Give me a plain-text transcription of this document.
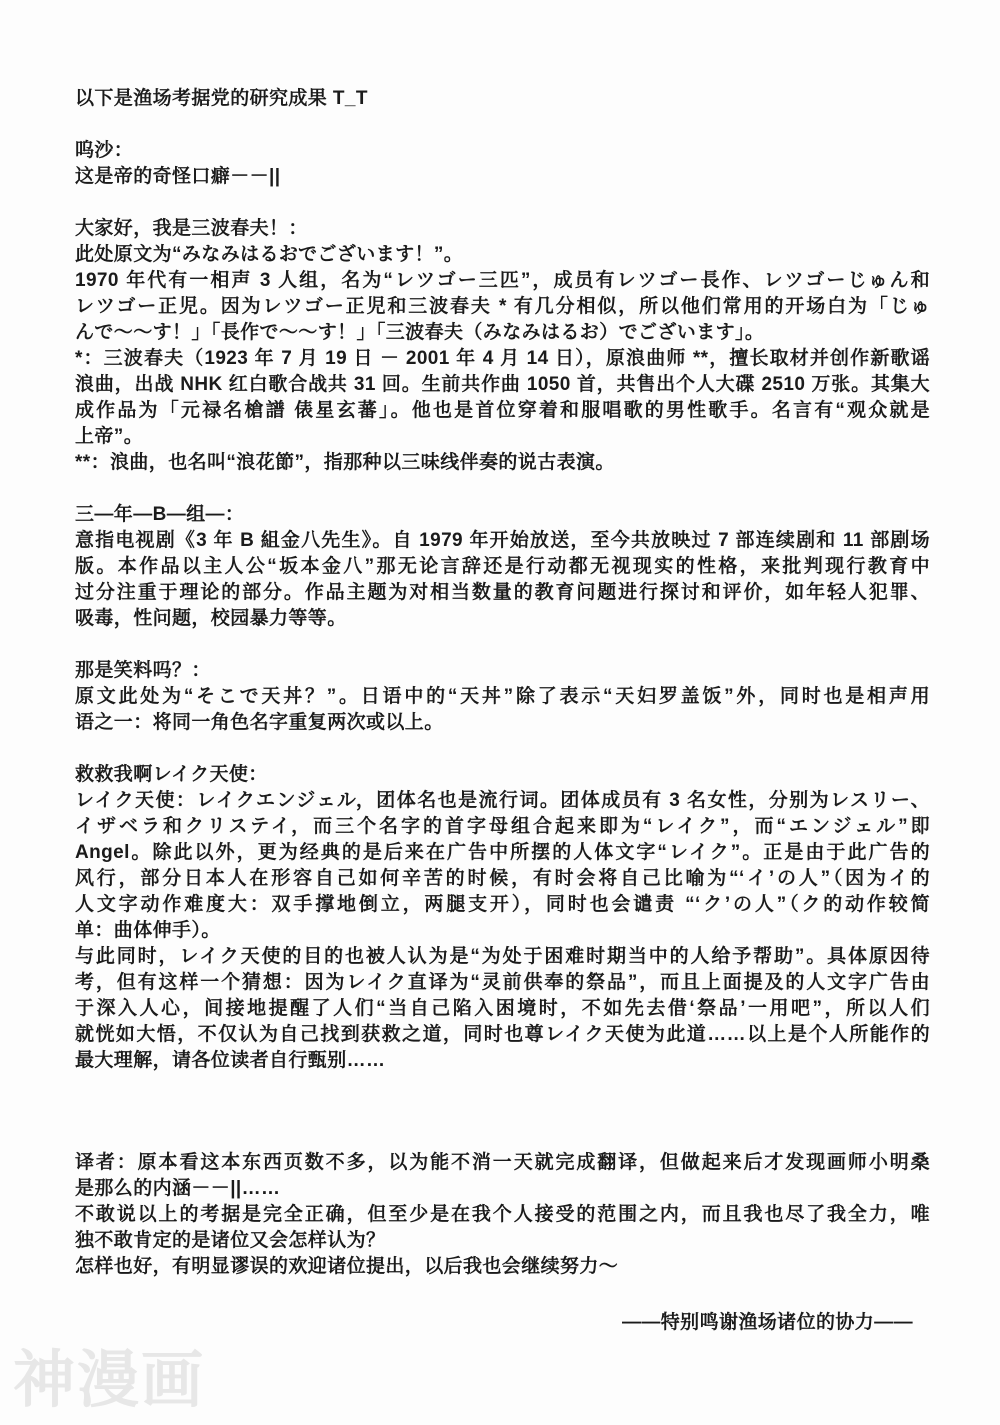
以下是渔场考据党的研究成果 T_T
呜沙：
这是帝的奇怪口癖－－||
大家好，我是三波春夫！：
此处原文为“みなみはるおでございます！”。
1970 年代有一相声 3 人组，名为“レツゴー三匹”，成员有レツゴー長作、レツゴーじゅん和
レツゴー正児。因为レツゴー正児和三波春夫 * 有几分相似，所以他们常用的开场白为「じゅ
んで～～す！」「長作で～～す！」「三波春夫（みなみはるお）でございます」。
*：三波春夫（1923 年 7 月 19 日 － 2001 年 4 月 14 日），原浪曲师 **，擅长取材并创作新歌谣
浪曲，出战 NHK 红白歌合战共 31 回。生前共作曲 1050 首，共售出个人大碟 2510 万张。其集大
成作品为「元禄名槍譜 俵星玄蕃」。他也是首位穿着和服唱歌的男性歌手。名言有“观众就是
上帝”。
**：浪曲，也名叫“浪花節”，指那种以三味线伴奏的说古表演。
三—年—B—组—：
意指电视剧《3 年 B 組金八先生》。自 1979 年开始放送，至今共放映过 7 部连续剧和 11 部剧场
版。本作品以主人公“坂本金八”那无论言辞还是行动都无视现实的性格，来批判现行教育中
过分注重于理论的部分。作品主题为对相当数量的教育问题进行探讨和评价，如年轻人犯罪、
吸毒，性问题，校园暴力等等。
那是笑料吗？：
原文此处为“そこで天丼？”。日语中的“天丼”除了表示“天妇罗盖饭”外，同时也是相声用
语之一：将同一角色名字重复两次或以上。
救救我啊レイク天使：
レイク天使：レイクエンジェル，团体名也是流行词。团体成员有 3 名女性，分别为レスリー、
イザベラ和クリステイ，而三个名字的首字母组合起来即为“レイク”，而“エンジェル”即
Angel。除此以外，更为经典的是后来在广告中所摆的人体文字“レイク”。正是由于此广告的
风行，部分日本人在形容自己如何辛苦的时候，有时会将自己比喻为“‘イ’の人”（因为イ的
人文字动作难度大：双手撑地倒立，两腿支开），同时也会谴责 “‘ク’の人”（ク的动作较简
单：曲体伸手）。
与此同时，レイク天使的目的也被人认为是“为处于困难时期当中的人给予帮助”。具体原因待
考，但有这样一个猜想：因为レイク直译为“灵前供奉的祭品”，而且上面提及的人文字广告由
于深入人心，间接地提醒了人们“当自己陷入困境时，不如先去借‘祭品’一用吧”，所以人们
就恍如大悟，不仅认为自己找到获救之道，同时也尊レイク天使为此道……以上是个人所能作的
最大理解，请各位读者自行甄别……
译者：原本看这本东西页数不多，以为能不消一天就完成翻译，但做起来后才发现画师小明桑
是那么的内涵－－||……
不敢说以上的考据是完全正确，但至少是在我个人接受的范围之内，而且我也尽了我全力，唯
独不敢肯定的是诸位又会怎样认为？
怎样也好，有明显谬误的欢迎诸位提出，以后我也会继续努力～
——特别鸣谢渔场诸位的协力——
神漫画
